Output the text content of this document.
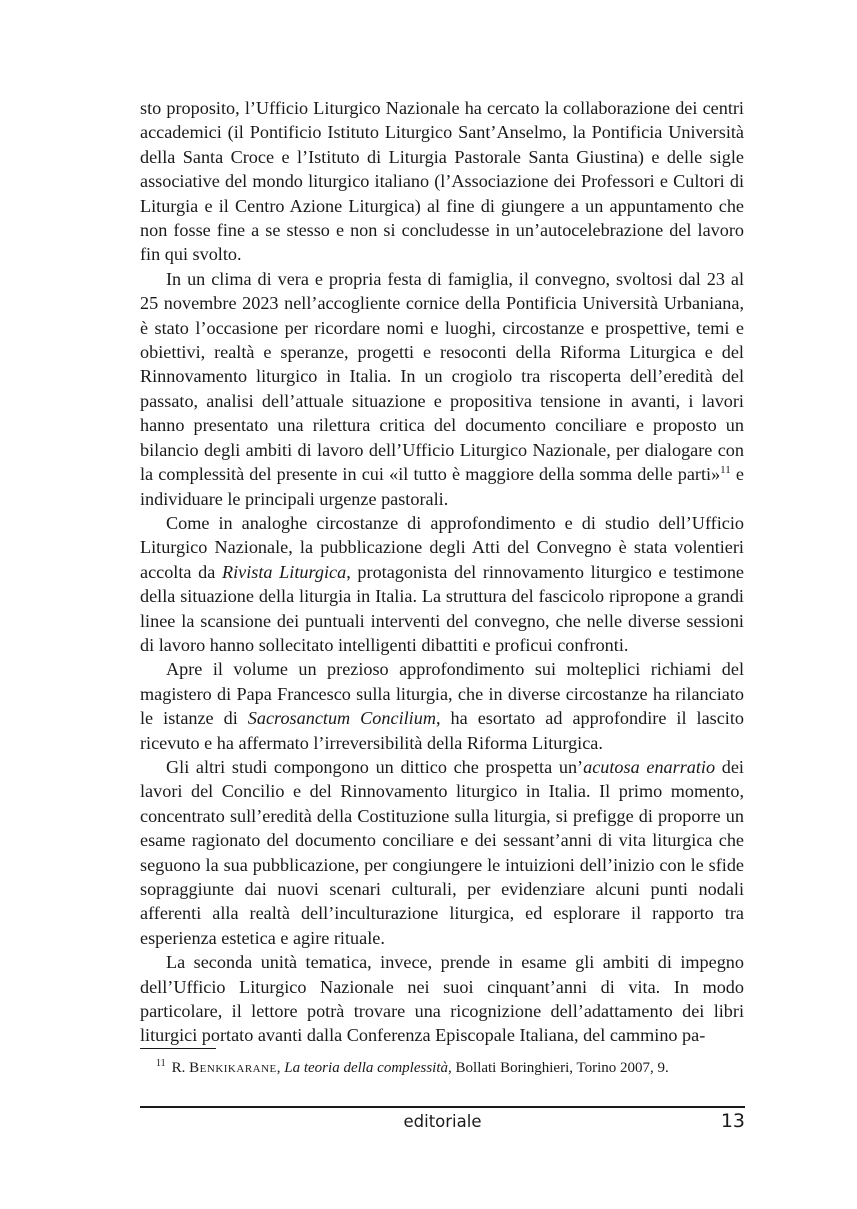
sto proposito, l’Ufficio Liturgico Nazionale ha cercato la collaborazione dei centri accademici (il Pontificio Istituto Liturgico Sant’Anselmo, la Pontificia Università della Santa Croce e l’Istituto di Liturgia Pastorale Santa Giustina) e delle sigle associative del mondo liturgico italiano (l’Associazione dei Professori e Cultori di Liturgia e il Centro Azione Liturgica) al fine di giungere a un appuntamento che non fosse fine a se stesso e non si concludesse in un’autocelebrazione del lavoro fin qui svolto.

In un clima di vera e propria festa di famiglia, il convegno, svoltosi dal 23 al 25 novembre 2023 nell’accogliente cornice della Pontificia Università Urbaniana, è stato l’occasione per ricordare nomi e luoghi, circostanze e prospettive, temi e obiettivi, realtà e speranze, progetti e resoconti della Riforma Liturgica e del Rinnovamento liturgico in Italia. In un crogiolo tra riscoperta dell’eredità del passato, analisi dell’attuale situazione e propositiva tensione in avanti, i lavori hanno presentato una rilettura critica del documento conciliare e proposto un bilancio degli ambiti di lavoro dell’Ufficio Liturgico Nazionale, per dialogare con la complessità del presente in cui «il tutto è maggiore della somma delle parti»$^{11}$ e individuare le principali urgenze pastorali.

Come in analoghe circostanze di approfondimento e di studio dell’Ufficio Liturgico Nazionale, la pubblicazione degli Atti del Convegno è stata volentieri accolta da Rivista Liturgica, protagonista del rinnovamento liturgico e testimone della situazione della liturgia in Italia. La struttura del fascicolo ripropone a grandi linee la scansione dei puntuali interventi del convegno, che nelle diverse sessioni di lavoro hanno sollecitato intelligenti dibattiti e proficui confronti.

Apre il volume un prezioso approfondimento sui molteplici richiami del magistero di Papa Francesco sulla liturgia, che in diverse circostanze ha rilanciato le istanze di Sacrosanctum Concilium, ha esortato ad approfondire il lascito ricevuto e ha affermato l’irreversibilità della Riforma Liturgica.

Gli altri studi compongono un dittico che prospetta un’acutosa enarratio dei lavori del Concilio e del Rinnovamento liturgico in Italia. Il primo momento, concentrato sull’eredità della Costituzione sulla liturgia, si prefigge di proporre un esame ragionato del documento conciliare e dei sessant’anni di vita liturgica che seguono la sua pubblicazione, per congiungere le intuizioni dell’inizio con le sfide sopraggiunte dai nuovi scenari culturali, per evidenziare alcuni punti nodali afferenti alla realtà dell’inculturazione liturgica, ed esplorare il rapporto tra esperienza estetica e agire rituale.

La seconda unità tematica, invece, prende in esame gli ambiti di impegno dell’Ufficio Liturgico Nazionale nei suoi cinquant’anni di vita. In modo particolare, il lettore potrà trovare una ricognizione dell’adattamento dei libri liturgici portato avanti dalla Conferenza Episcopale Italiana, del cammino pa-

$^{11}$ R. Benkikarane, La teoria della complessità, Bollati Boringhieri, Torino 2007, 9.
editoriale	13
